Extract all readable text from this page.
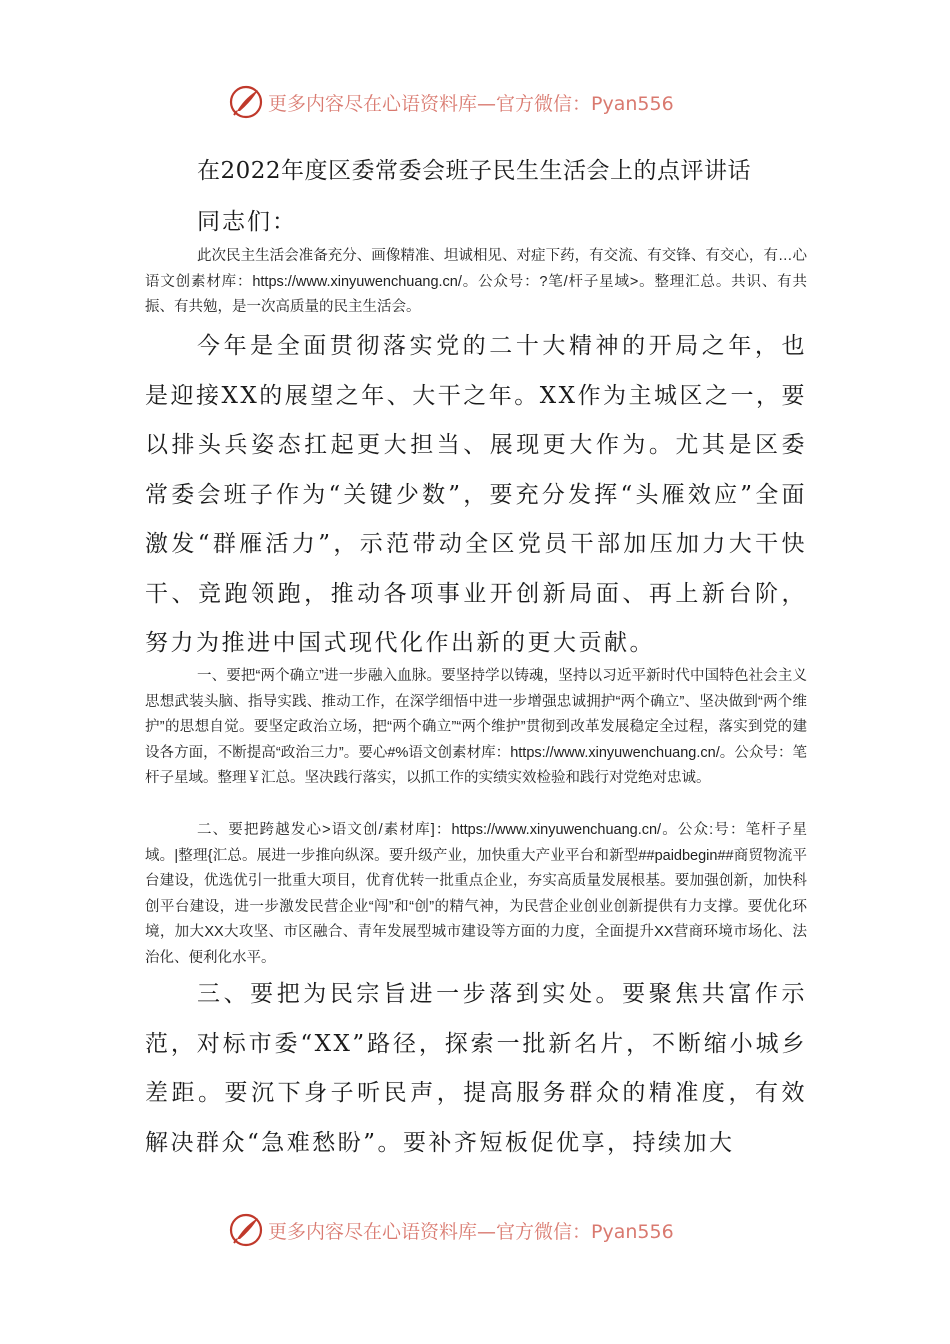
更多内容尽在心语资料库—官方微信：Pyan556
在2022年度区委常委会班子民生生活会上的点评讲话

同志们：

此次民主生活会准备充分、画像精准、坦诚相见、对症下药，有交流、有交锋、有交心，有…心语文创素材库：https://www.xinyuwenchuang.cn/。公众号：?笔/杆子星域>。整理汇总。共识、有共振、有共勉，是一次高质量的民主生活会。

今年是全面贯彻落实党的二十大精神的开局之年，也是迎接XX的展望之年、大干之年。XX作为主城区之一，要以排头兵姿态扛起更大担当、展现更大作为。尤其是区委常委会班子作为“关键少数”，要充分发挥“头雁效应”全面激发“群雁活力”，示范带动全区党员干部加压加力大干快干、竞跑领跑，推动各项事业开创新局面、再上新台阶，努力为推进中国式现代化作出新的更大贡献。

一、要把“两个确立”进一步融入血脉。要坚持学以铸魂，坚持以习近平新时代中国特色社会主义思想武装头脑、指导实践、推动工作，在深学细悟中进一步增强忠诚拥护“两个确立”、坚决做到“两个维护”的思想自觉。要坚定政治立场，把“两个确立”“两个维护”贯彻到改革发展稳定全过程，落实到党的建设各方面，不断提高“政治三力”。要心#%语文创素材库：https://www.xinyuwenchuang.cn/。公众号：笔杆子星域。整理￥汇总。坚决践行落实，以抓工作的实绩实效检验和践行对党绝对忠诚。

二、要把跨越发心>语文创/素材库]：https://www.xinyuwenchuang.cn/。公众:号：笔杆子星域。|整理{汇总。展进一步推向纵深。要升级产业，加快重大产业平台和新型##paidbegin##商贸物流平台建设，优选优引一批重大项目，优育优转一批重点企业，夯实高质量发展根基。要加强创新，加快科创平台建设，进一步激发民营企业“闯”和“创”的精气神，为民营企业创业创新提供有力支撑。要优化环境，加大XX大攻坚、市区融合、青年发展型城市建设等方面的力度，全面提升XX营商环境市场化、法治化、便利化水平。

三、要把为民宗旨进一步落到实处。要聚焦共富作示范，对标市委“XX”路径，探索一批新名片，不断缩小城乡差距。要沉下身子听民声，提高服务群众的精准度，有效解决群众“急难愁盼”。要补齐短板促优享，持续加大

更多内容尽在心语资料库—官方微信：Pyan556
